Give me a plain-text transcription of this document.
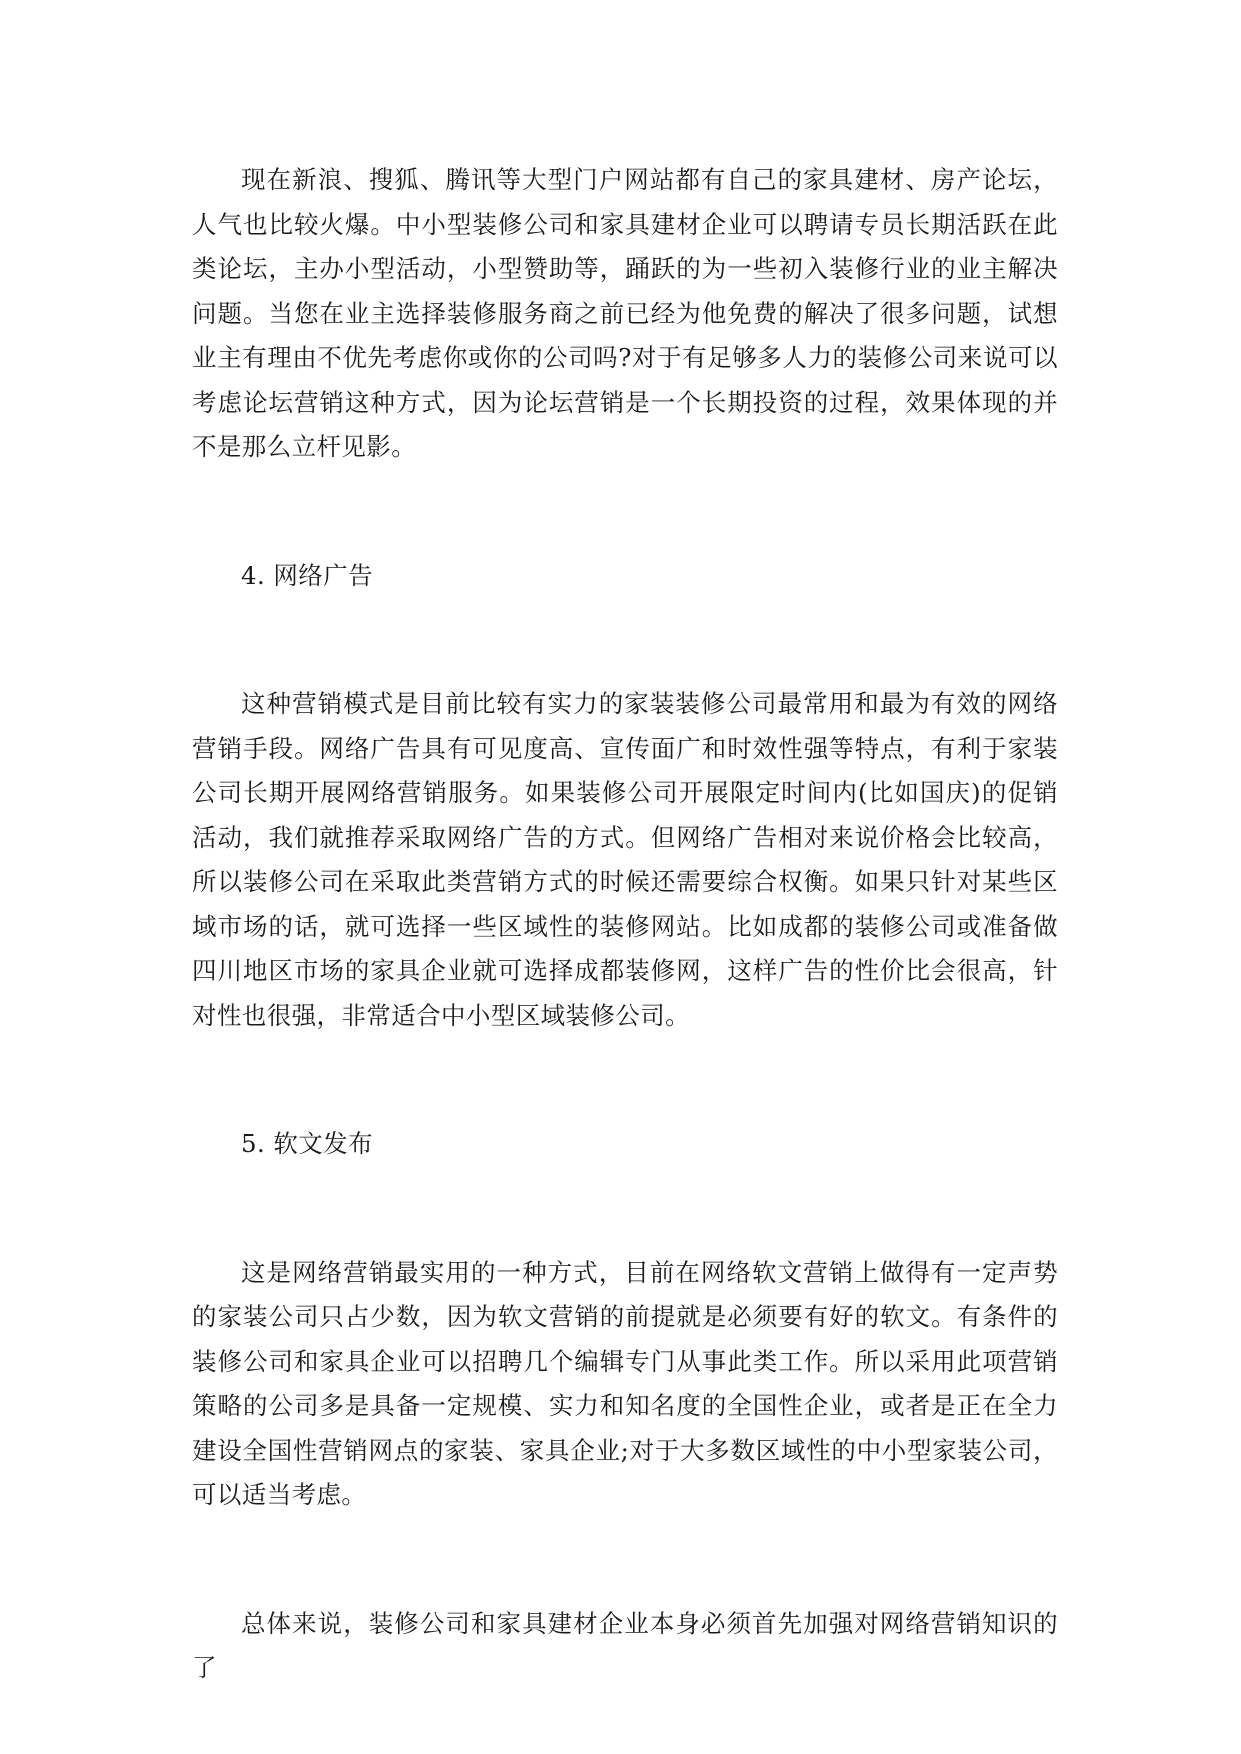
现在新浪、搜狐、腾讯等大型门户网站都有自己的家具建材、房产论坛，人气也比较火爆。中小型装修公司和家具建材企业可以聘请专员长期活跃在此类论坛，主办小型活动，小型赞助等，踊跃的为一些初入装修行业的业主解决问题。当您在业主选择装修服务商之前已经为他免费的解决了很多问题，试想业主有理由不优先考虑你或你的公司吗?对于有足够多人力的装修公司来说可以考虑论坛营销这种方式，因为论坛营销是一个长期投资的过程，效果体现的并不是那么立杆见影。

4. 网络广告

这种营销模式是目前比较有实力的家装装修公司最常用和最为有效的网络营销手段。网络广告具有可见度高、宣传面广和时效性强等特点，有利于家装公司长期开展网络营销服务。如果装修公司开展限定时间内(比如国庆)的促销活动，我们就推荐采取网络广告的方式。但网络广告相对来说价格会比较高，所以装修公司在采取此类营销方式的时候还需要综合权衡。如果只针对某些区域市场的话，就可选择一些区域性的装修网站。比如成都的装修公司或准备做四川地区市场的家具企业就可选择成都装修网，这样广告的性价比会很高，针对性也很强，非常适合中小型区域装修公司。

5. 软文发布

这是网络营销最实用的一种方式，目前在网络软文营销上做得有一定声势的家装公司只占少数，因为软文营销的前提就是必须要有好的软文。有条件的装修公司和家具企业可以招聘几个编辑专门从事此类工作。所以采用此项营销策略的公司多是具备一定规模、实力和知名度的全国性企业，或者是正在全力建设全国性营销网点的家装、家具企业;对于大多数区域性的中小型家装公司，可以适当考虑。

总体来说，装修公司和家具建材企业本身必须首先加强对网络营销知识的了
